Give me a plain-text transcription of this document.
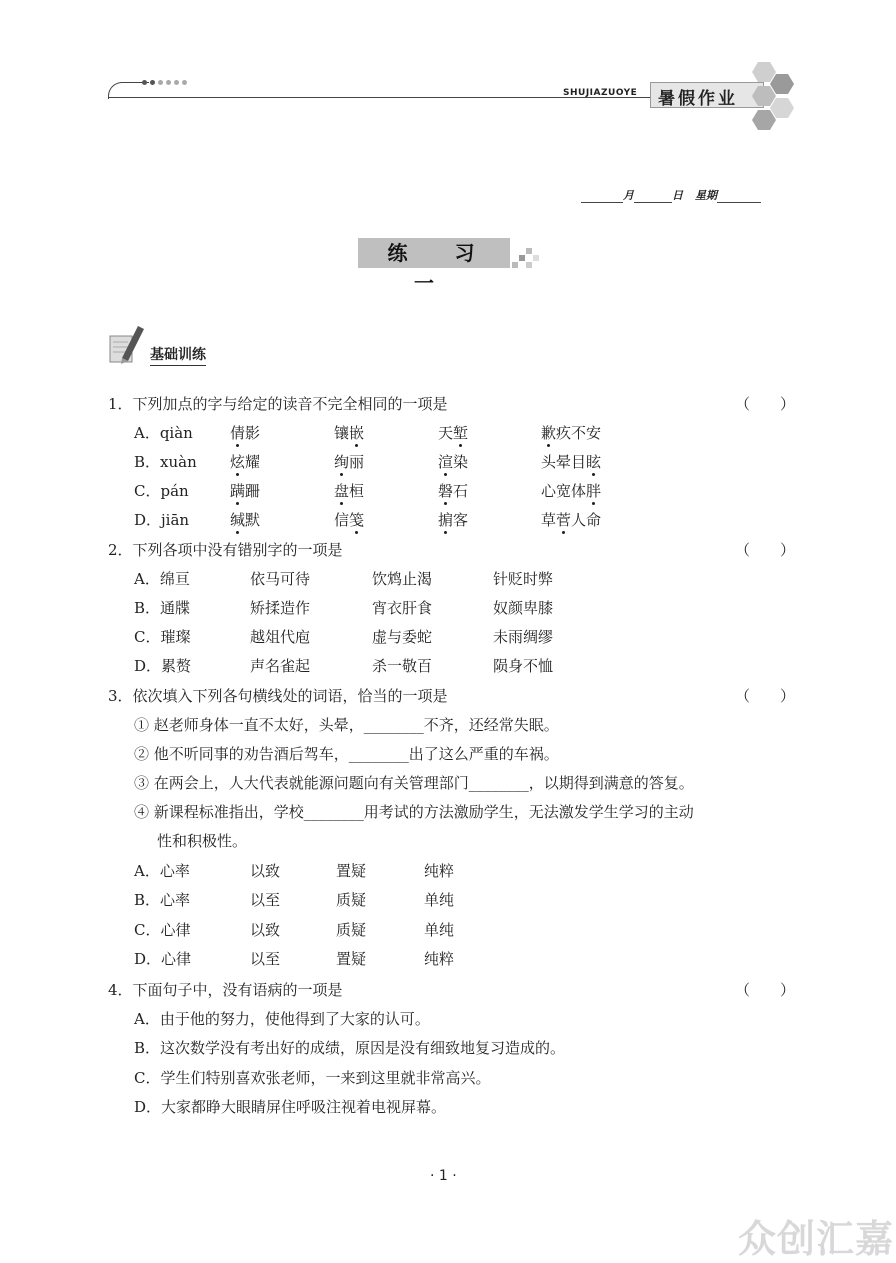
SHUJIAZUOYE 暑假作业
月	日 星期
练 习 一
基础训练
1．下列加点的字与给定的读音不完全相同的一项是	（　　）
A．qiàn 倩影	镶嵌	天堑	歉疚不安
B．xuàn 炫耀	绚丽	渲染	头晕目眩
C．pán	蹒跚	盘桓	磐石	心宽体胖
D．jiān	缄默	信笺	掮客	草菅人命
2．下列各项中没有错别字的一项是	（　　）
A．绵亘	依马可待	饮鸩止渴	针贬时弊
B．通牒	矫揉造作	宵衣肝食	奴颜卑膝
C．璀璨	越俎代庖	虚与委蛇	未雨绸缪
D．累赘	声名雀起	杀一敬百	陨身不恤
3．依次填入下列各句横线处的词语，恰当的一项是	（　　）
① 赵老师身体一直不太好，头晕，________不齐，还经常失眠。
② 他不听同事的劝告酒后驾车，________出了这么严重的车祸。
③ 在两会上，人大代表就能源问题向有关管理部门________，以期得到满意的答复。
④ 新课程标准指出，学校________用考试的方法激励学生，无法激发学生学习的主动
性和积极性。
A．心率	以致	置疑	纯粹
B．心率	以至	质疑	单纯
C．心律	以致	质疑	单纯
D．心律	以至	置疑	纯粹
4．下面句子中，没有语病的一项是	（　　）
A．由于他的努力，使他得到了大家的认可。
B．这次数学没有考出好的成绩，原因是没有细致地复习造成的。
C．学生们特别喜欢张老师，一来到这里就非常高兴。
D．大家都睁大眼睛屏住呼吸注视着电视屏幕。
· 1 ·
众创汇嘉
